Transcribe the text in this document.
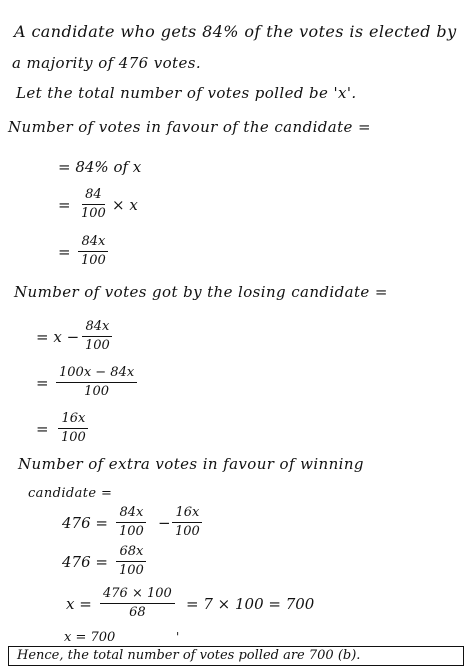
A candidate who gets 84% of the votes is elected by
a majority of 476 votes.
Let the total number of votes polled be 'x'.
Number of votes in favour of the candidate =
= 84% of x
= $\frac{84}{100} \times x$
= $\frac{84x}{100}$
Number of votes got by the losing candidate =
= $x - \frac{84x}{100}$
= $\frac{100x - 84x}{100}$
= $\frac{16x}{100}$
Number of extra votes in favour of winning
candidate =
$476 = \frac{84x}{100} - \frac{16x}{100}$
$476 = \frac{68x}{100}$
$x = \frac{476 \times 100}{68} = 7 \times 100 = 700$
x = 700	'
Hence, the total number of votes polled are 700 (b).
